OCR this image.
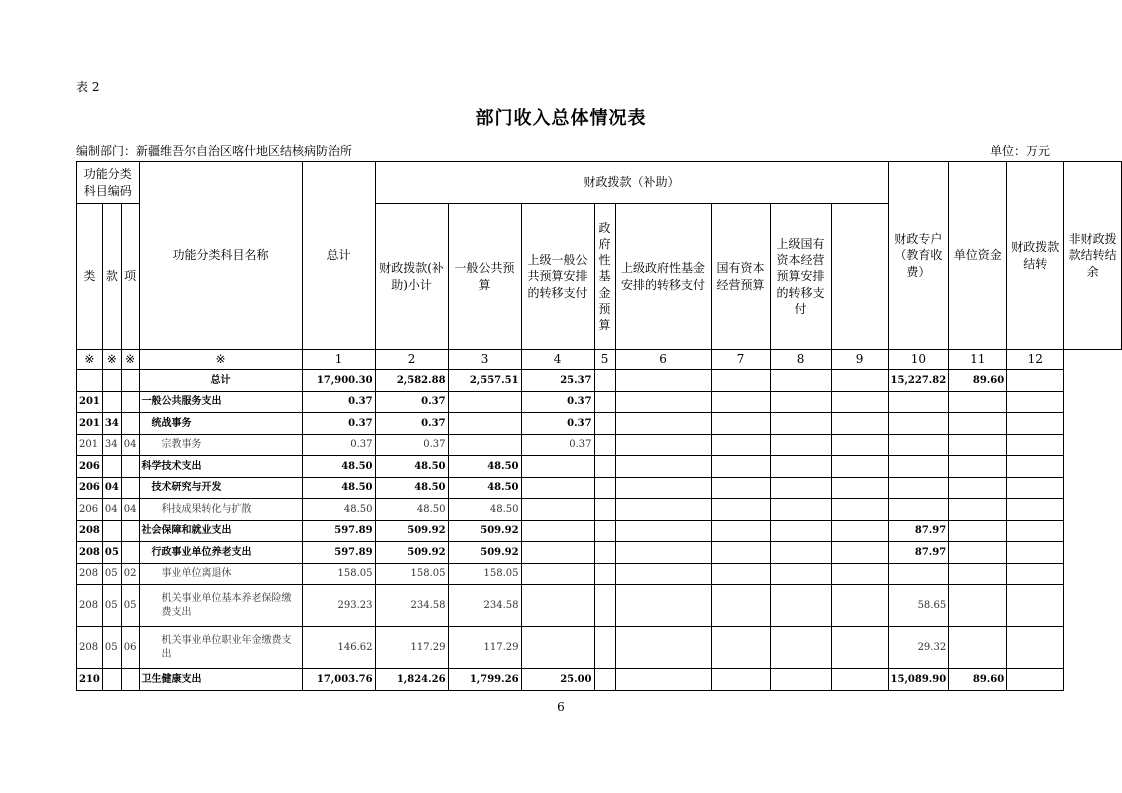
表 2
部门收入总体情况表
编制部门：新疆维吾尔自治区喀什地区结核病防治所	单位：万元
功能分类科目编码			功能分类科目名称	总计	财政拨款（补助）								财政专户（教育收费）	单位资金	财政拨款结转	非财政拨款结转结余
类	款	项			财政拨款(补助)小计	一般公共预算	上级一般公共预算安排的转移支付	政府性基金预算	上级政府性基金安排的转移支付	国有资本经营预算	上级国有资本经营预算安排的转移支付					
※	※	※	※	1	2	3	4	5	6	7	8	9	10	11	12	
			总计	17,900.30	2,582.88	2,557.51	25.37						15,227.82	89.60		
201			一般公共服务支出	0.37	0.37		0.37									
201	34		统战事务	0.37	0.37		0.37									
201	34	04	宗教事务	0.37	0.37		0.37									
206			科学技术支出	48.50	48.50	48.50										
206	04		技术研究与开发	48.50	48.50	48.50										
206	04	04	科技成果转化与扩散	48.50	48.50	48.50										
208			社会保障和就业支出	597.89	509.92	509.92							87.97			
208	05		行政事业单位养老支出	597.89	509.92	509.92							87.97			
208	05	02	事业单位离退休	158.05	158.05	158.05										
208	05	05	机关事业单位基本养老保险缴费支出	293.23	234.58	234.58							58.65			
208	05	06	机关事业单位职业年金缴费支出	146.62	117.29	117.29							29.32			
210			卫生健康支出	17,003.76	1,824.26	1,799.26	25.00						15,089.90	89.60		
6
